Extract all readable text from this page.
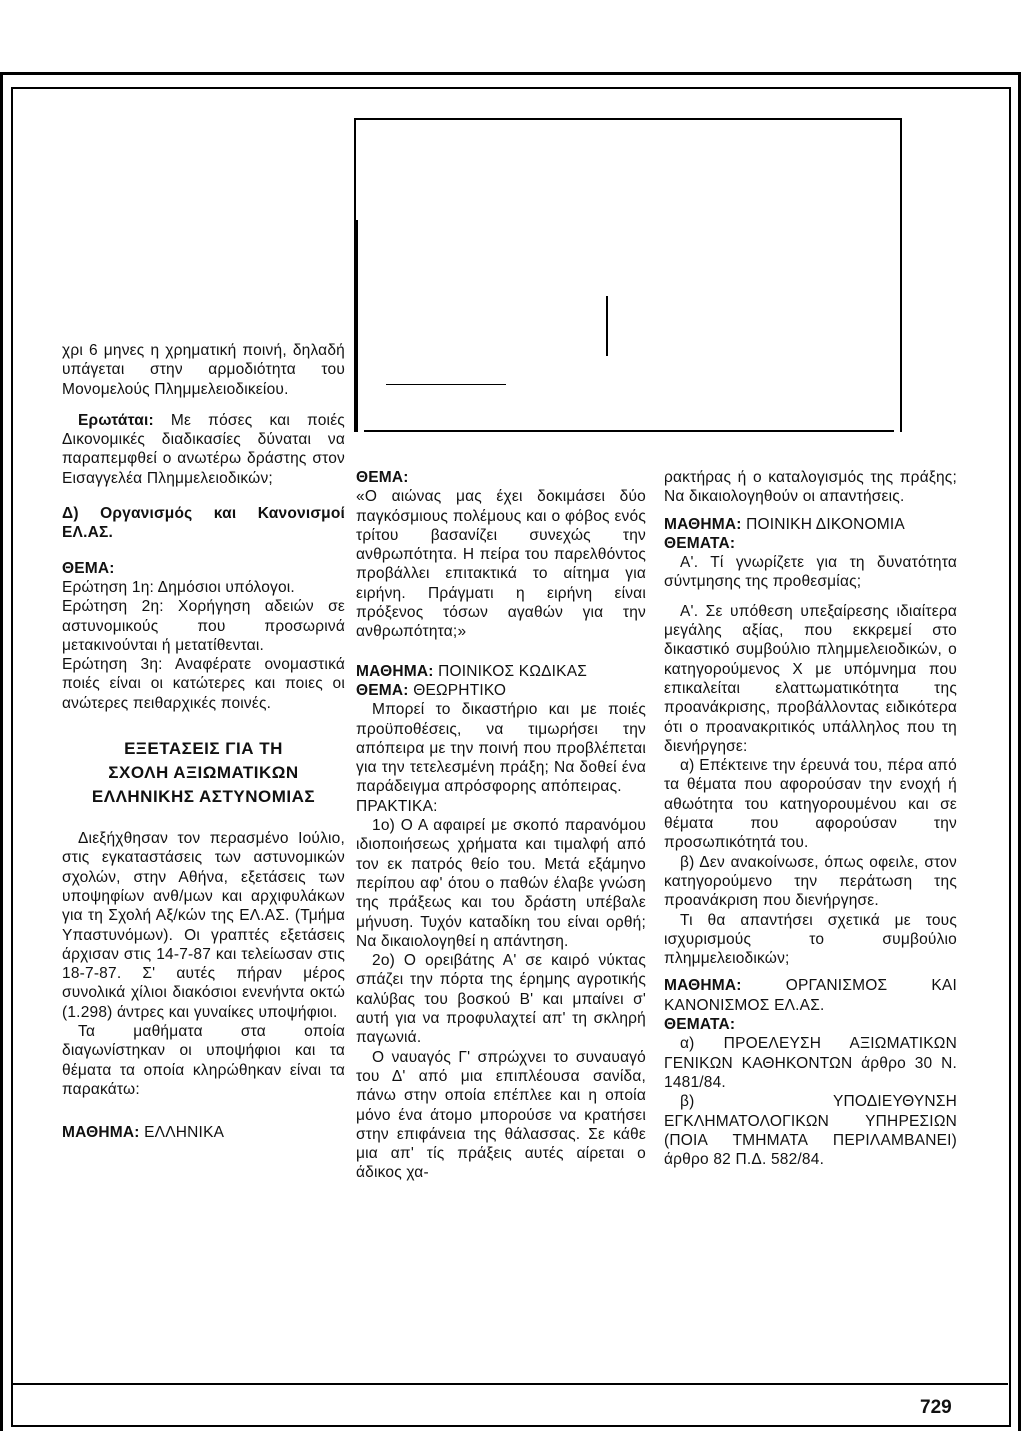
χρι 6 μηνες η χρηματική ποινή, δηλαδή υπάγεται στην αρμοδιότητα του Μονομελούς Πλημμελειοδικείου.

Ερωτάται: Με πόσες και ποιές Δικονομικές διαδικασίες δύναται να παραπεμφθεί ο ανωτέρω δράστης στον Εισαγγελέα Πλημμελειοδικών;

Δ) Οργανισμός και Κανονισμοί ΕΛ.ΑΣ.

ΘΕΜΑ:

Ερώτηση 1η: Δημόσιοι υπόλογοι.

Ερώτηση 2η: Χορήγηση αδειών σε αστυνομικούς που προσωρινά μετακινούνται ή μετατίθενται.

Ερώτηση 3η: Αναφέρατε ονομαστικά ποιές είναι οι κατώτερες και ποιες οι ανώτερες πειθαρχικές ποινές.

ΕΞΕΤΑΣΕΙΣ ΓΙΑ ΤΗ
ΣΧΟΛΗ ΑΞΙΩΜΑΤΙΚΩΝ
ΕΛΛΗΝΙΚΗΣ ΑΣΤΥΝΟΜΙΑΣ

Διεξήχθησαν τον περασμένο Ιούλιο, στις εγκαταστάσεις των αστυνομικών σχολών, στην Αθήνα, εξετάσεις των υποψηφίων ανθ/μων και αρχιφυλάκων για τη Σχολή Αξ/κών της ΕΛ.ΑΣ. (Τμήμα Υπαστυνόμων). Οι γραπτές εξετάσεις άρχισαν στις 14-7-87 και τελείωσαν στις 18-7-87. Σ' αυτές πήραν μέρος συνολικά χίλιοι διακόσιοι ενενήντα οκτώ (1.298) άντρες και γυναίκες υποψήφιοι.

Τα μαθήματα στα οποία διαγωνίστηκαν οι υποψήφιοι και τα θέματα τα οποία κληρώθηκαν είναι τα παρακάτω:

ΜΑΘΗΜΑ: ΕΛΛΗΝΙΚΑ

ΘΕΜΑ:

«Ο αιώνας μας έχει δοκιμάσει δύο παγκόσμιους πολέμους και ο φόβος ενός τρίτου βασανίζει συνεχώς την ανθρωπότητα. Η πείρα του παρελθόντος προβάλλει επιτακτικά το αίτημα για ειρήνη. Πράγματι η ειρήνη είναι πρόξενος τόσων αγαθών για την ανθρωπότητα;»

ΜΑΘΗΜΑ: ΠΟΙΝΙΚΟΣ ΚΩΔΙΚΑΣ

ΘΕΜΑ: ΘΕΩΡΗΤΙΚΟ

Μπορεί το δικαστήριο και με ποιές προϋποθέσεις, να τιμωρήσει την απόπειρα με την ποινή που προβλέπεται για την τετελεσμένη πράξη; Να δοθεί ένα παράδειγμα απρόσφορης απόπειρας.

ΠΡΑΚΤΙΚΑ:

1ο) Ο Α αφαιρεί με σκοπό παρανόμου ιδιοποιήσεως χρήματα και τιμαλφή από τον εκ πατρός θείο του. Μετά εξάμηνο περίπου αφ' ότου ο παθών έλαβε γνώση της πράξεως και του δράστη υπέβαλε μήνυση. Τυχόν καταδίκη του είναι ορθή; Να δικαιολογηθεί η απάντηση.

2ο) Ο ορειβάτης Α' σε καιρό νύκτας σπάζει την πόρτα της έρημης αγροτικής καλύβας του βοσκού Β' και μπαίνει σ' αυτή για να προφυλαχτεί απ' τη σκληρή παγωνιά.

Ο ναυαγός Γ' σπρώχνει το συναυαγό του Δ' από μια επιπλέουσα σανίδα, πάνω στην οποία επέπλεε και η οποία μόνο ένα άτομο μπορούσε να κρατήσει στην επιφάνεια της θάλασσας. Σε κάθε μια απ' τίς πράξεις αυτές αίρεται ο άδικος χα-

ρακτήρας ή ο καταλογισμός της πράξης; Να δικαιολογηθούν οι απαντήσεις.

ΜΑΘΗΜΑ: ΠΟΙΝΙΚΗ ΔΙΚΟΝΟΜΙΑ

ΘΕΜΑΤΑ:

Α'. Τί γνωρίζετε για τη δυνατότητα σύντμησης της προθεσμίας;

Α'. Σε υπόθεση υπεξαίρεσης ιδιαίτερα μεγάλης αξίας, που εκκρεμεί στο δικαστικό συμβούλιο πλημμελειοδικών, ο κατηγορούμενος Χ με υπόμνημα που επικαλείται ελαττωματικότητα της προανάκρισης, προβάλλοντας ειδικότερα ότι ο προανακριτικός υπάλληλος που τη διενήργησε:

α) Επέκτεινε την έρευνά του, πέρα από τα θέματα που αφορούσαν την ενοχή ή αθωότητα του κατηγορουμένου και σε θέματα που αφορούσαν την προσωπικότητά του.

β) Δεν ανακοίνωσε, όπως οφειλε, στον κατηγορούμενο την περάτωση της προανάκριση που διενήργησε.

Τι θα απαντήσει σχετικά με τους ισχυρισμούς το συμβούλιο πλημμελειοδικών;

ΜΑΘΗΜΑ:	ΟΡΓΑΝΙΣΜΟΣ ΚΑΙ ΚΑΝΟΝΙΣΜΟΣ ΕΛ.ΑΣ.

ΘΕΜΑΤΑ:

α) ΠΡΟΕΛΕΥΣΗ ΑΞΙΩΜΑΤΙΚΩΝ ΓΕΝΙΚΩΝ ΚΑΘΗΚΟΝΤΩΝ άρθρο 30 Ν. 1481/84.

β) ΥΠΟΔΙΕΥΘΥΝΣΗ ΕΓΚΛΗΜΑΤΟΛΟΓΙΚΩΝ ΥΠΗΡΕΣΙΩΝ (ΠΟΙΑ ΤΜΗΜΑΤΑ ΠΕΡΙΛΑΜΒΑΝΕΙ) άρθρο 82 Π.Δ. 582/84.

729
